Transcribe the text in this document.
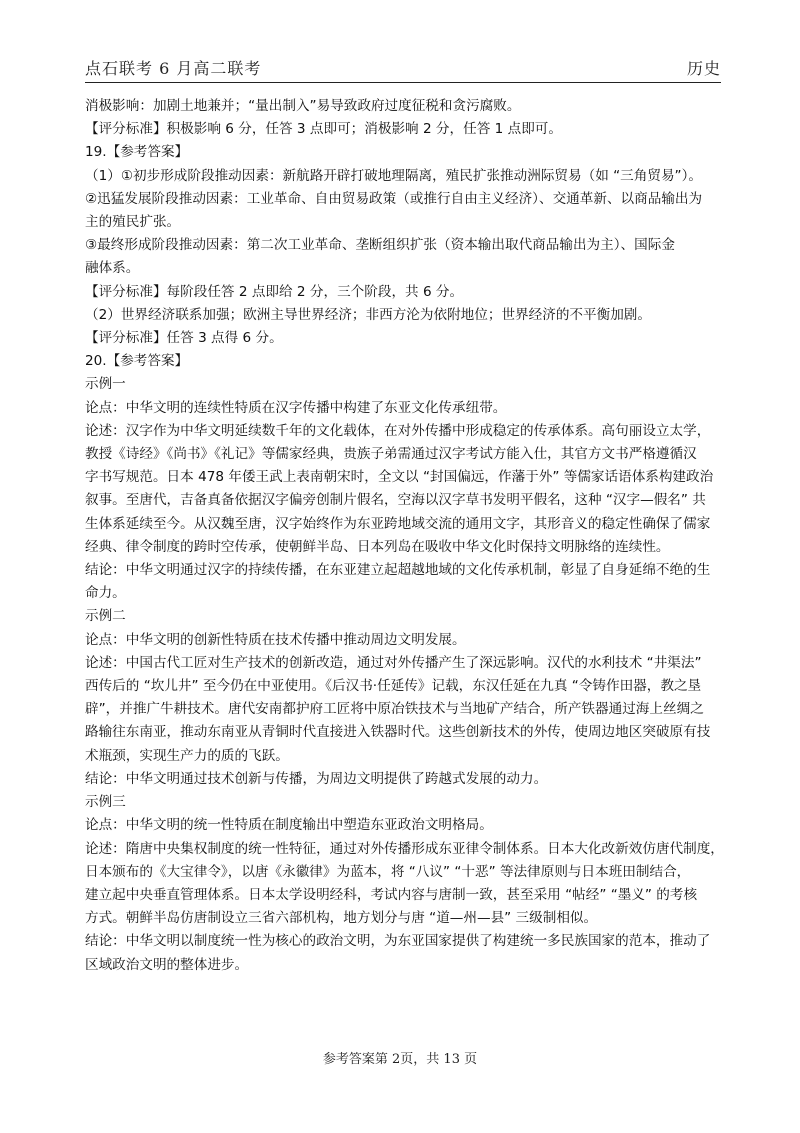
点石联考 6 月高二联考	历史

消极影响：加剧土地兼并；“量出制入”易导致政府过度征税和贪污腐败。

【评分标准】积极影响 6 分，任答 3 点即可；消极影响 2 分，任答 1 点即可。

19.【参考答案】

（1）①初步形成阶段推动因素：新航路开辟打破地理隔离，殖民扩张推动洲际贸易（如 “三角贸易”）。

②迅猛发展阶段推动因素：工业革命、自由贸易政策（或推行自由主义经济）、交通革新、以商品输出为

主的殖民扩张。

③最终形成阶段推动因素：第二次工业革命、垄断组织扩张（资本输出取代商品输出为主）、国际金

融体系。

【评分标准】每阶段任答 2 点即给 2 分，三个阶段，共 6 分。

（2）世界经济联系加强；欧洲主导世界经济；非西方沦为依附地位；世界经济的不平衡加剧。

【评分标准】任答 3 点得 6 分。

20.【参考答案】

示例一

论点：中华文明的连续性特质在汉字传播中构建了东亚文化传承纽带。

论述：汉字作为中华文明延续数千年的文化载体，在对外传播中形成稳定的传承体系。高句丽设立太学，

教授《诗经》《尚书》《礼记》等儒家经典，贵族子弟需通过汉字考试方能入仕，其官方文书严格遵循汉

字书写规范。日本 478 年倭王武上表南朝宋时，全文以 “封国偏远，作藩于外” 等儒家话语体系构建政治

叙事。至唐代，吉备真备依据汉字偏旁创制片假名，空海以汉字草书发明平假名，这种 “汉字—假名” 共

生体系延续至今。从汉魏至唐，汉字始终作为东亚跨地域交流的通用文字，其形音义的稳定性确保了儒家

经典、律令制度的跨时空传承，使朝鲜半岛、日本列岛在吸收中华文化时保持文明脉络的连续性。

结论：中华文明通过汉字的持续传播，在东亚建立起超越地域的文化传承机制，彰显了自身延绵不绝的生

命力。

示例二

论点：中华文明的创新性特质在技术传播中推动周边文明发展。

论述：中国古代工匠对生产技术的创新改造，通过对外传播产生了深远影响。汉代的水利技术 “井渠法”

西传后的 “坎儿井” 至今仍在中亚使用。《后汉书·任延传》记载，东汉任延在九真 “令铸作田器，教之垦

辟”，并推广牛耕技术。唐代安南都护府工匠将中原冶铁技术与当地矿产结合，所产铁器通过海上丝绸之

路输往东南亚，推动东南亚从青铜时代直接进入铁器时代。这些创新技术的外传，使周边地区突破原有技

术瓶颈，实现生产力的质的飞跃。

结论：中华文明通过技术创新与传播，为周边文明提供了跨越式发展的动力。

示例三

论点：中华文明的统一性特质在制度输出中塑造东亚政治文明格局。

论述：隋唐中央集权制度的统一性特征，通过对外传播形成东亚律令制体系。日本大化改新效仿唐代制度，

日本颁布的《大宝律令》，以唐《永徽律》为蓝本，将 “八议” “十恶” 等法律原则与日本班田制结合，

建立起中央垂直管理体系。日本太学设明经科，考试内容与唐制一致，甚至采用 “帖经” “墨义” 的考核

方式。朝鲜半岛仿唐制设立三省六部机构，地方划分与唐 “道—州—县” 三级制相似。

结论：中华文明以制度统一性为核心的政治文明，为东亚国家提供了构建统一多民族国家的范本，推动了

区域政治文明的整体进步。

参考答案第 2页，共 13 页
